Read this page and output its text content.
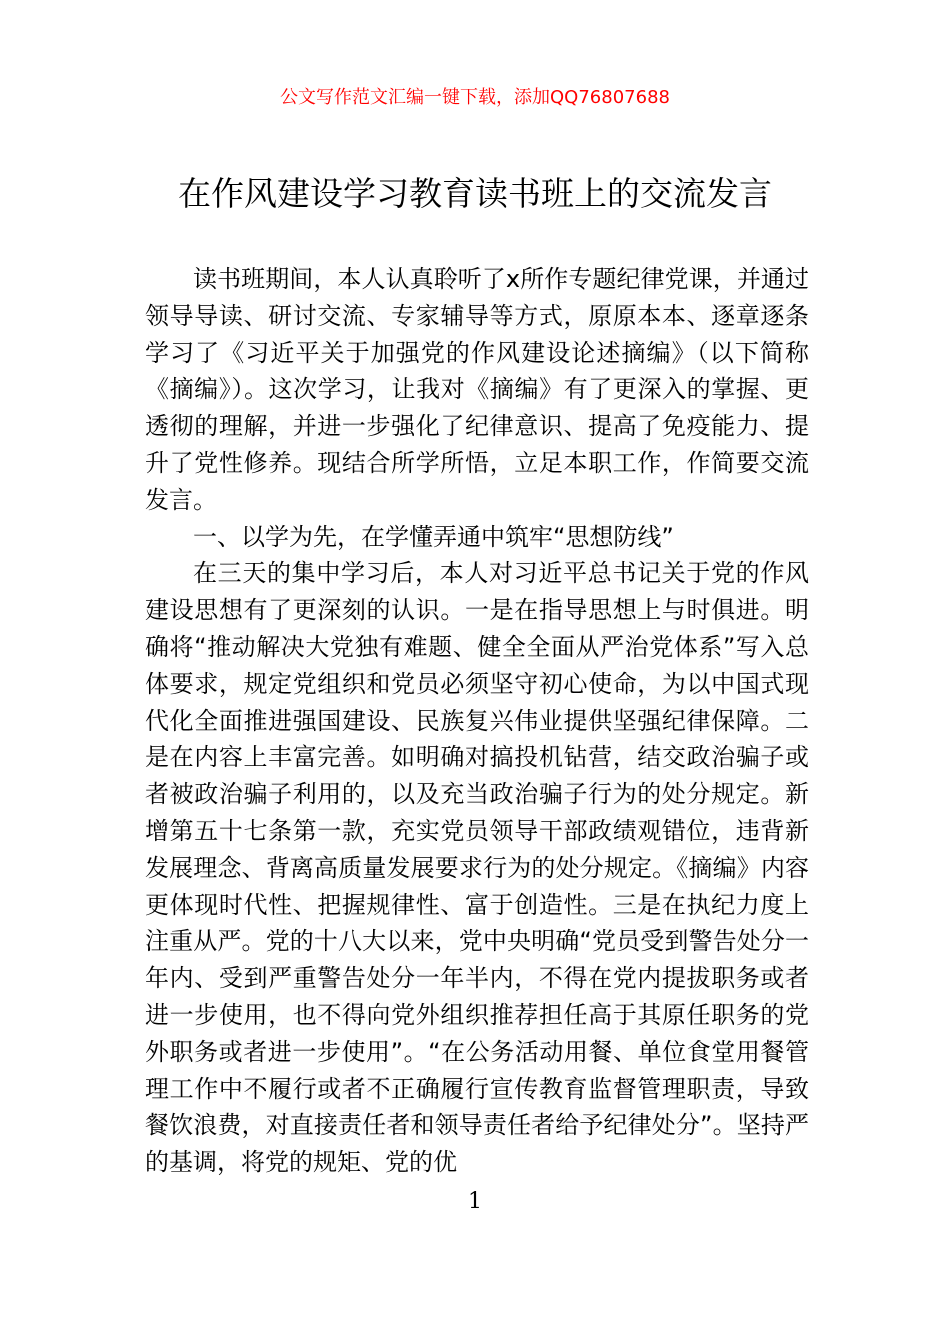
公文写作范文汇编一键下载，添加QQ76807688
在作风建设学习教育读书班上的交流发言

读书班期间，本人认真聆听了x所作专题纪律党课，并通过领导导读、研讨交流、专家辅导等方式，原原本本、逐章逐条学习了《习近平关于加强党的作风建设论述摘编》（以下简称《摘编》）。这次学习，让我对《摘编》有了更深入的掌握、更透彻的理解，并进一步强化了纪律意识、提高了免疫能力、提升了党性修养。现结合所学所悟，立足本职工作，作简要交流发言。

一、以学为先，在学懂弄通中筑牢“思想防线”

在三天的集中学习后，本人对习近平总书记关于党的作风建设思想有了更深刻的认识。一是在指导思想上与时俱进。明确将“推动解决大党独有难题、健全全面从严治党体系”写入总体要求，规定党组织和党员必须坚守初心使命，为以中国式现代化全面推进强国建设、民族复兴伟业提供坚强纪律保障。二是在内容上丰富完善。如明确对搞投机钻营，结交政治骗子或者被政治骗子利用的，以及充当政治骗子行为的处分规定。新增第五十七条第一款，充实党员领导干部政绩观错位，违背新发展理念、背离高质量发展要求行为的处分规定。《摘编》内容更体现时代性、把握规律性、富于创造性。三是在执纪力度上注重从严。党的十八大以来，党中央明确“党员受到警告处分一年内、受到严重警告处分一年半内，不得在党内提拔职务或者进一步使用，也不得向党外组织推荐担任高于其原任职务的党外职务或者进一步使用”。“在公务活动用餐、单位食堂用餐管理工作中不履行或者不正确履行宣传教育监督管理职责，导致餐饮浪费，对直接责任者和领导责任者给予纪律处分”。坚持严的基调，将党的规矩、党的优

1
